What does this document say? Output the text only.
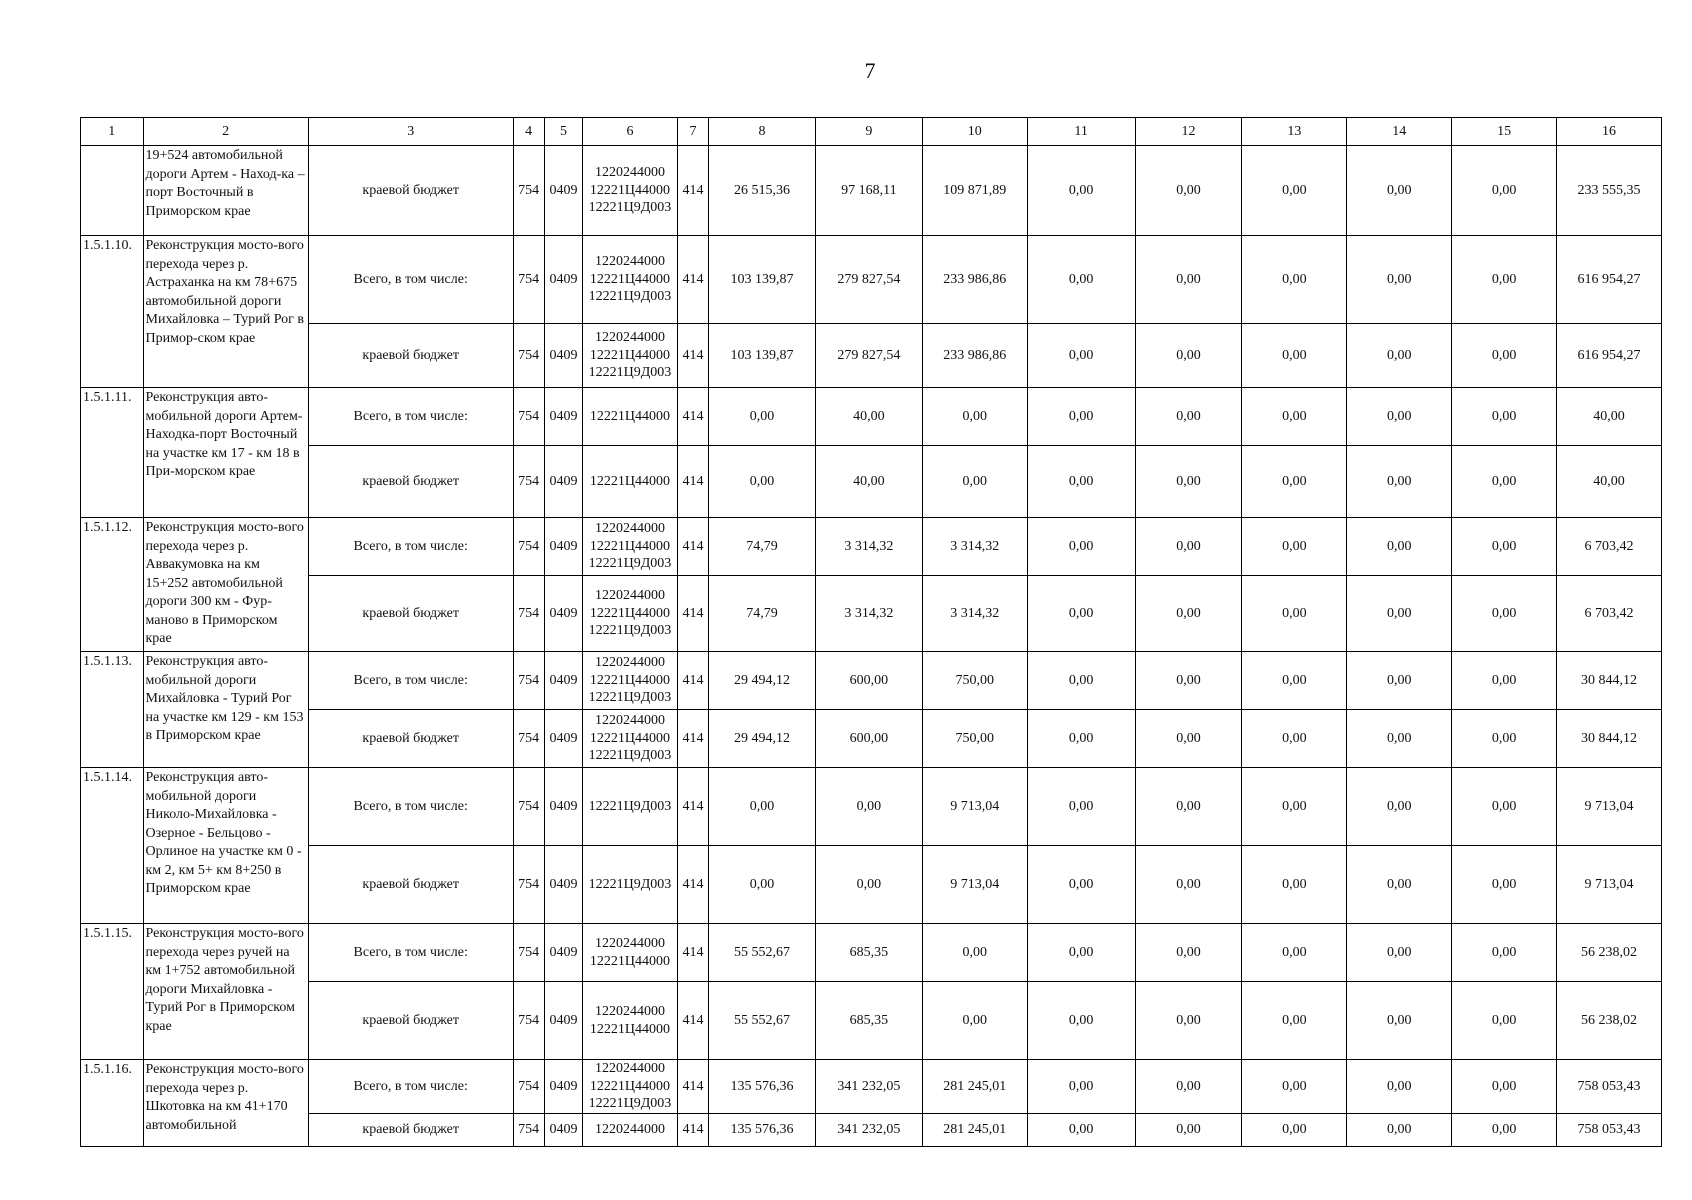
7
1	2	3	4	5	6	7	8	9	10	11	12	13	14	15	16
	19+524 автомобильной дороги Артем - Наход-ка – порт Восточный в Приморском крае	краевой бюджет	754	0409	1220244000
12221Ц44000
12221Ц9Д003	414	26 515,36	97 168,11	109 871,89	0,00	0,00	0,00	0,00	0,00	233 555,35
1.5.1.10.	Реконструкция мосто-вого перехода через р. Астраханка на км 78+675 автомобильной дороги Михайловка – Турий Рог в Примор-ском крае	Всего, в том числе:	754	0409	1220244000
12221Ц44000
12221Ц9Д003	414	103 139,87	279 827,54	233 986,86	0,00	0,00	0,00	0,00	0,00	616 954,27
		краевой бюджет	754	0409	1220244000
12221Ц44000
12221Ц9Д003	414	103 139,87	279 827,54	233 986,86	0,00	0,00	0,00	0,00	0,00	616 954,27
1.5.1.11.	Реконструкция авто-мобильной дороги Артем-Находка-порт Восточный на участке км 17 - км 18 в При-морском крае	Всего, в том числе:	754	0409	12221Ц44000	414	0,00	40,00	0,00	0,00	0,00	0,00	0,00	0,00	40,00
		краевой бюджет	754	0409	12221Ц44000	414	0,00	40,00	0,00	0,00	0,00	0,00	0,00	0,00	40,00
1.5.1.12.	Реконструкция мосто-вого перехода через р. Аввакумовка на км 15+252 автомобильной дороги 300 км - Фур-маново в Приморском крае	Всего, в том числе:	754	0409	1220244000
12221Ц44000
12221Ц9Д003	414	74,79	3 314,32	3 314,32	0,00	0,00	0,00	0,00	0,00	6 703,42
		краевой бюджет	754	0409	1220244000
12221Ц44000
12221Ц9Д003	414	74,79	3 314,32	3 314,32	0,00	0,00	0,00	0,00	0,00	6 703,42
1.5.1.13.	Реконструкция авто-мобильной дороги Михайловка - Турий Рог на участке км 129 - км 153 в Приморском крае	Всего, в том числе:	754	0409	1220244000
12221Ц44000
12221Ц9Д003	414	29 494,12	600,00	750,00	0,00	0,00	0,00	0,00	0,00	30 844,12
		краевой бюджет	754	0409	1220244000
12221Ц44000
12221Ц9Д003	414	29 494,12	600,00	750,00	0,00	0,00	0,00	0,00	0,00	30 844,12
1.5.1.14.	Реконструкция авто-мобильной дороги Николо-Михайловка - Озерное - Бельцово - Орлиное на участке км 0 - км 2, км 5+ км 8+250 в Приморском крае	Всего, в том числе:	754	0409	12221Ц9Д003	414	0,00	0,00	9 713,04	0,00	0,00	0,00	0,00	0,00	9 713,04
		краевой бюджет	754	0409	12221Ц9Д003	414	0,00	0,00	9 713,04	0,00	0,00	0,00	0,00	0,00	9 713,04
1.5.1.15.	Реконструкция мосто-вого перехода через ручей на км 1+752 автомобильной дороги Михайловка - Турий Рог в Приморском крае	Всего, в том числе:	754	0409	1220244000
12221Ц44000	414	55 552,67	685,35	0,00	0,00	0,00	0,00	0,00	0,00	56 238,02
		краевой бюджет	754	0409	1220244000
12221Ц44000	414	55 552,67	685,35	0,00	0,00	0,00	0,00	0,00	0,00	56 238,02
1.5.1.16.	Реконструкция мосто-вого перехода через р. Шкотовка на км 41+170 автомобильной	Всего, в том числе:	754	0409	1220244000
12221Ц44000
12221Ц9Д003	414	135 576,36	341 232,05	281 245,01	0,00	0,00	0,00	0,00	0,00	758 053,43
		краевой бюджет	754	0409	1220244000	414	135 576,36	341 232,05	281 245,01	0,00	0,00	0,00	0,00	0,00	758 053,43
